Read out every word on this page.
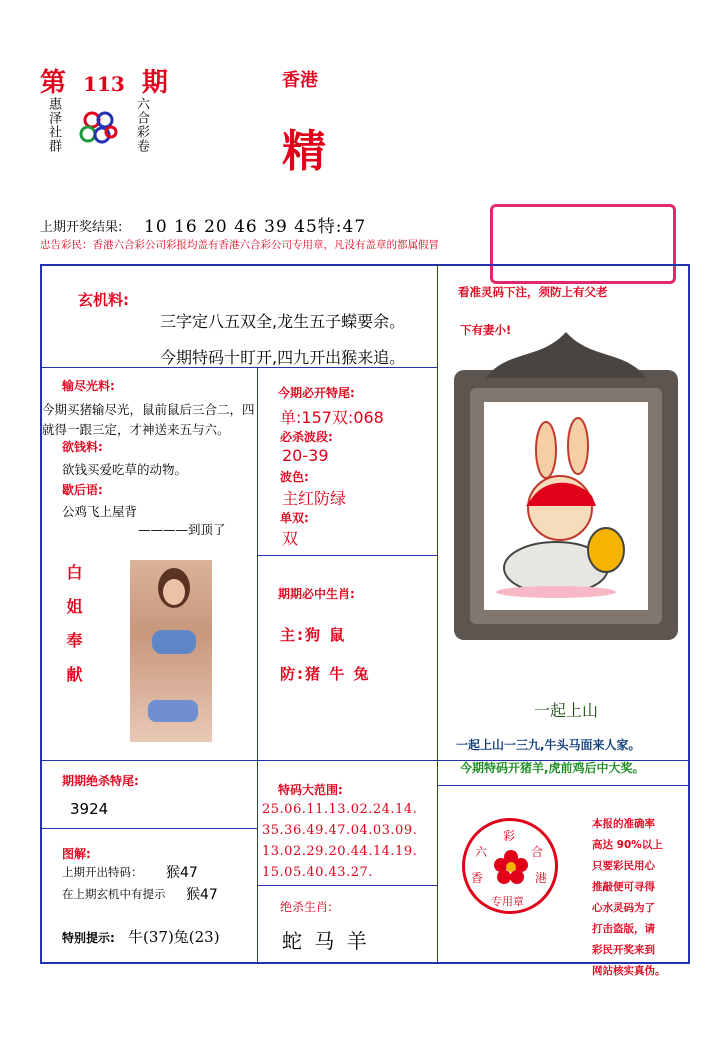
第 113 期
惠泽社群	六合彩卷
香港
精
上期开奖结果: 10 16 20 46 39 45特:47
忠告彩民：香港六合彩公司彩报均盖有香港六合彩公司专用章，凡没有盖章的都属假冒
玄机料:
三字定八五双全,龙生五子蠑要余。
今期特码十盯开,四九开出猴来追。
输尽光料:
今期买猪输尽光，鼠前鼠后三合二，四就得一跟三定，才神送来五与六。
欲钱料:
欲钱买爱吃草的动物。
歇后语:
公鸡飞上屋背
————到顶了
今期必开特尾:
单:157双:068
必杀波段:
20-39
波色:
主红防绿
单双:
双
期期必中生肖:
主:狗 鼠
防:猪 牛 兔
白姐奉献
看准灵码下注，须防上有父老
下有妻小!
一起上山
一起上山一三九,牛头马面来人家。
今期特码开猪羊,虎前鸡后中大奖。
期期绝杀特尾:
3924
图解:
上期开出特码： 猴47
在上期玄机中有提示 猴47
特别提示: 牛(37)兔(23)
特码大范围:
25.06.11.13.02.24.14.
35.36.49.47.04.03.09.
13.02.29.20.44.14.19.
15.05.40.43.27.
绝杀生肖:
蛇 马 羊
彩
六	合
香	港
专用章
本报的准确率
高达 90%以上
只要彩民用心
推敲便可寻得
心水灵码为了
打击盗版，请
彩民开奖来到
网站核实真伪。
